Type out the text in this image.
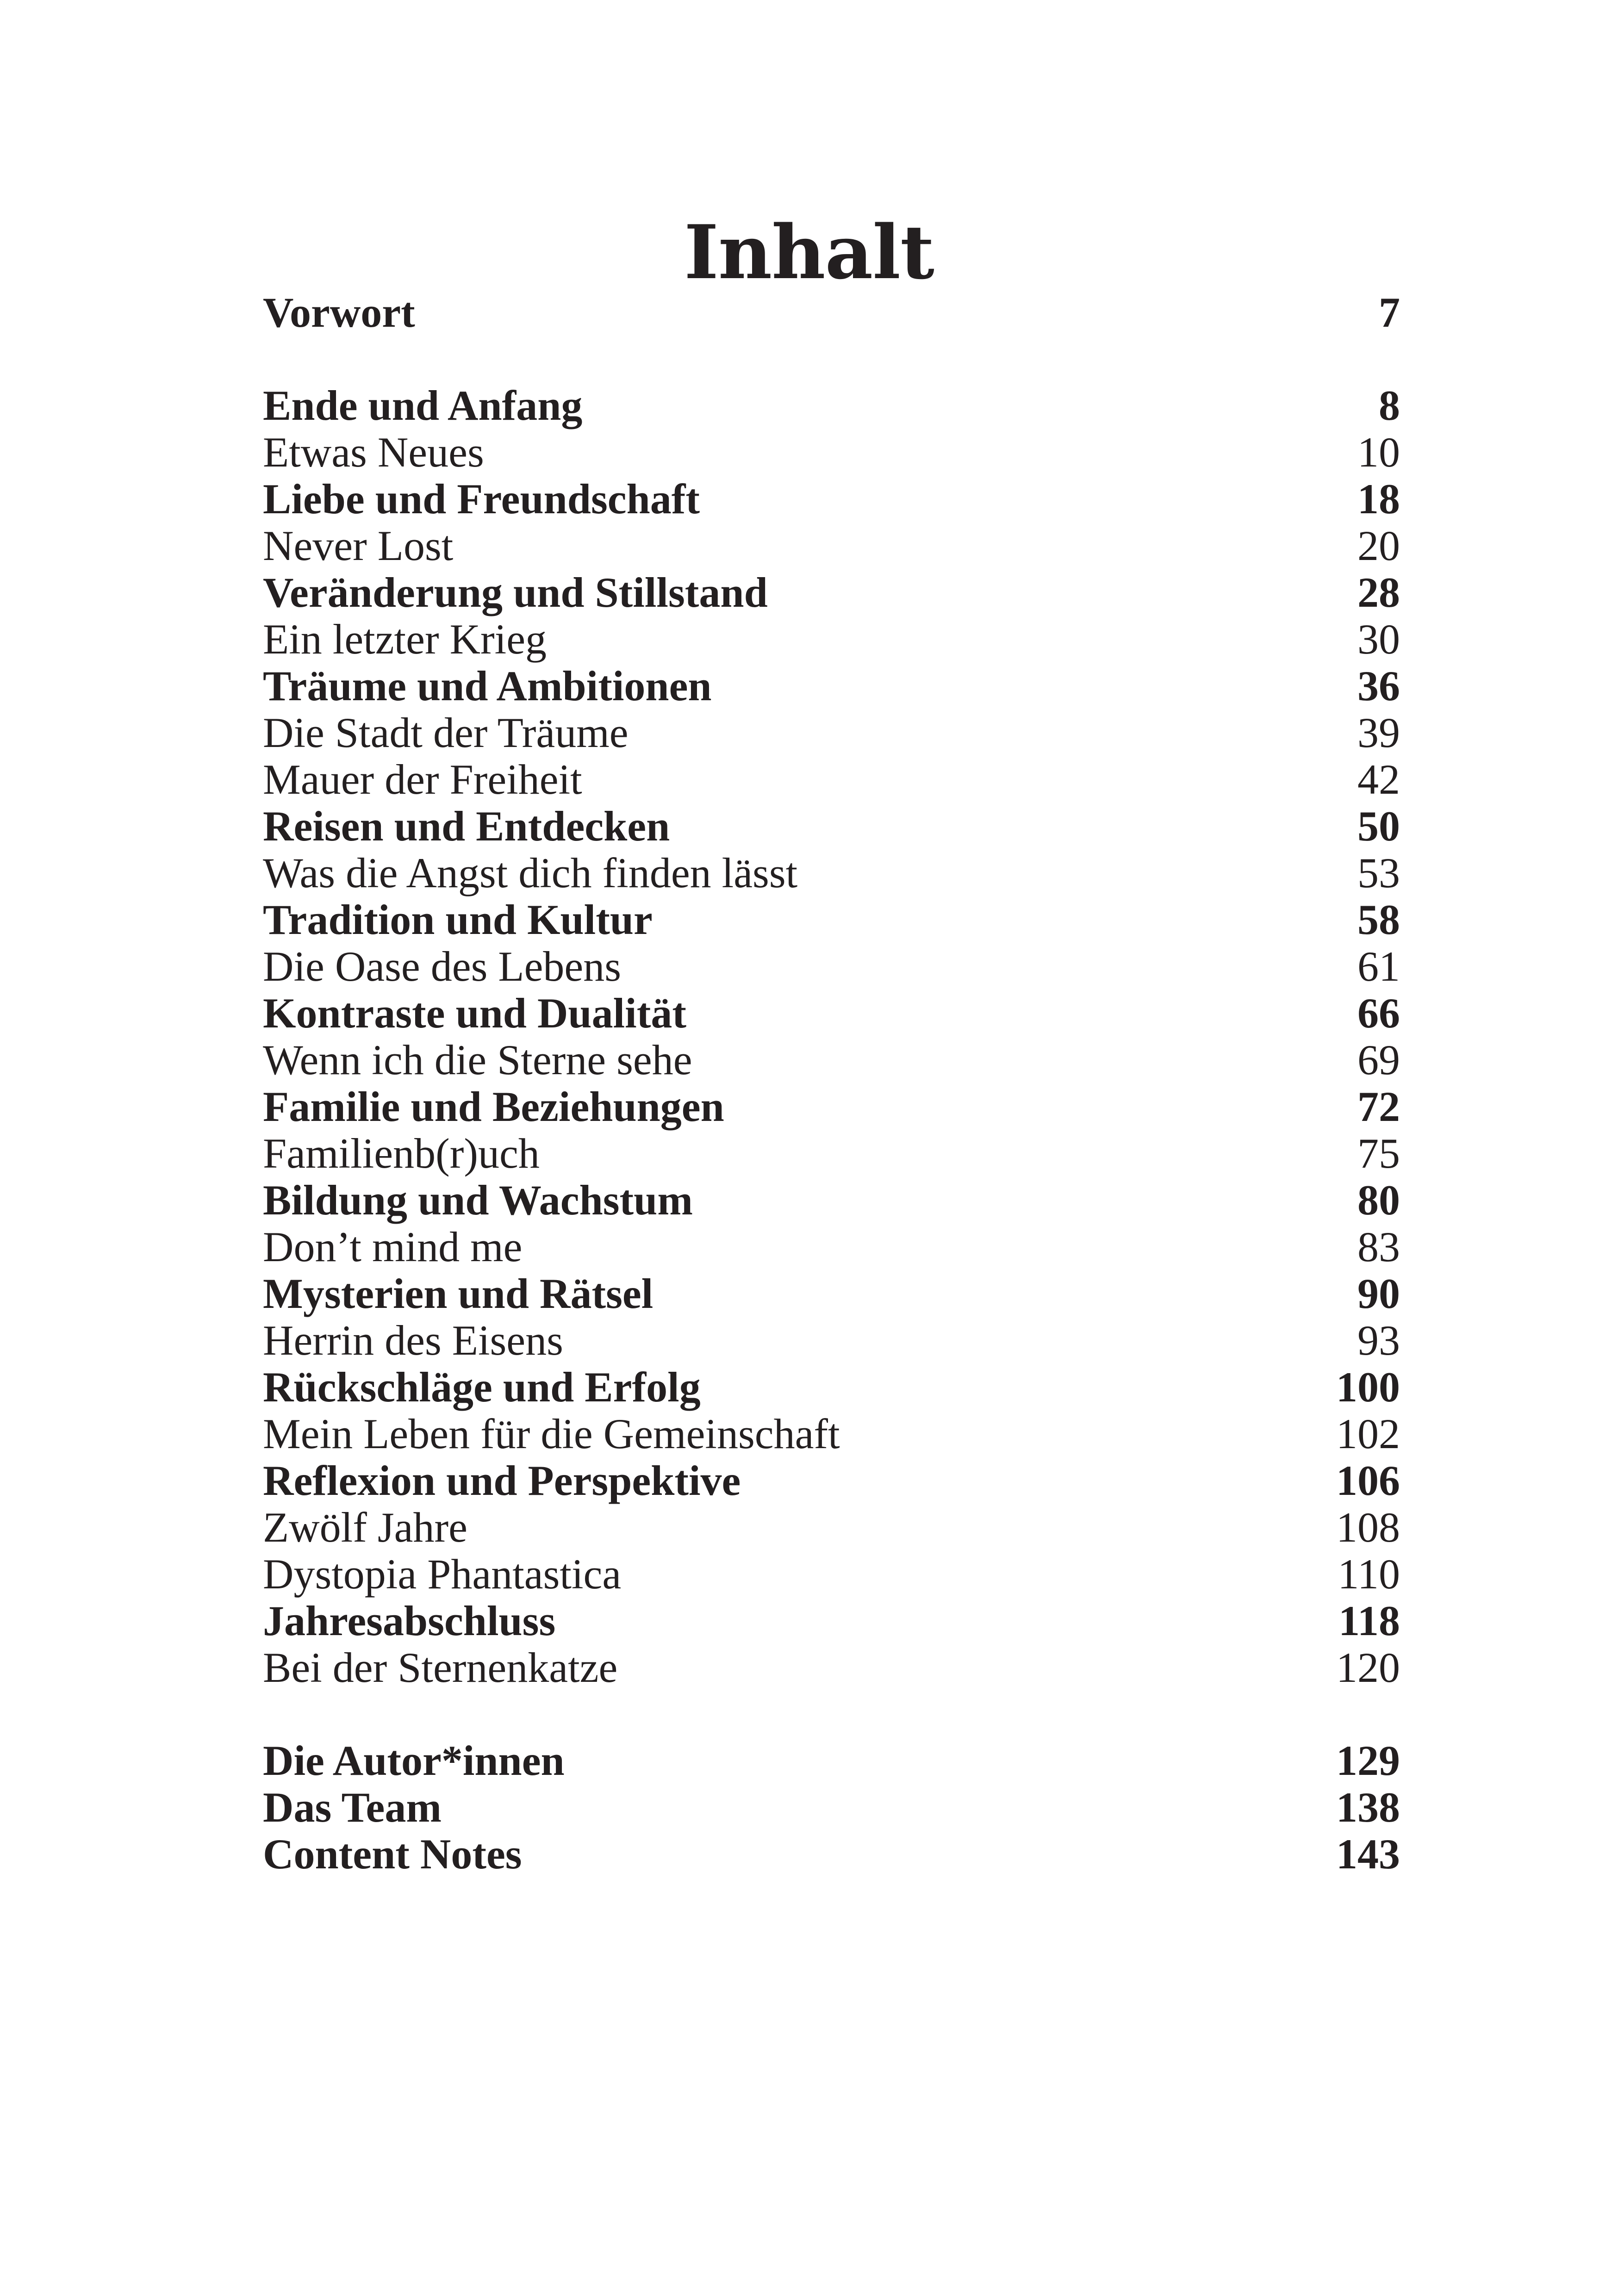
Inhalt
Vorwort	7
Ende und Anfang	8
Etwas Neues	10
Liebe und Freundschaft	18
Never Lost	20
Veränderung und Stillstand	28
Ein letzter Krieg	30
Träume und Ambitionen	36
Die Stadt der Träume	39
Mauer der Freiheit	42
Reisen und Entdecken	50
Was die Angst dich finden lässt	53
Tradition und Kultur	58
Die Oase des Lebens	61
Kontraste und Dualität	66
Wenn ich die Sterne sehe	69
Familie und Beziehungen	72
Familienb(r)uch	75
Bildung und Wachstum	80
Don’t mind me	83
Mysterien und Rätsel	90
Herrin des Eisens	93
Rückschläge und Erfolg	100
Mein Leben für die Gemeinschaft	102
Reflexion und Perspektive	106
Zwölf Jahre	108
Dystopia Phantastica	110
Jahresabschluss	118
Bei der Sternenkatze	120
Die Autor*innen	129
Das Team	138
Content Notes	143
